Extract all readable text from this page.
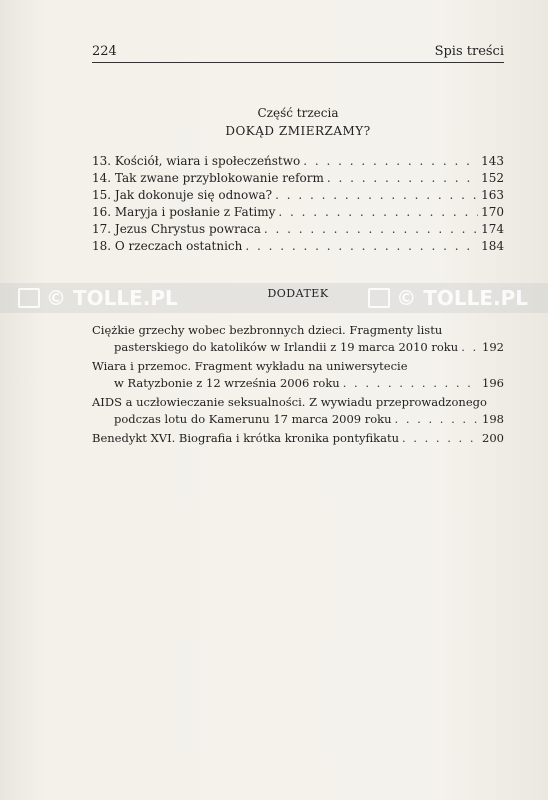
224	Spis treści
Część trzecia
DOKĄD ZMIERZAMY?
13. Kościół, wiara i społeczeństwo . . .	143
14. Tak zwane przyblokowanie reform . . .	152
15. Jak dokonuje się odnowa? . . .	163
16. Maryja i posłanie z Fatimy . . .	170
17. Jezus Chrystus powraca . . .	174
18. O rzeczach ostatnich . . .	184
© TOLLE.PL	© TOLLE.PL
DODATEK
Ciężkie grzechy wobec bezbronnych dzieci. Fragmenty listu
pasterskiego do katolików w Irlandii z 19 marca 2010 roku . . . 192
Wiara i przemoc. Fragment wykładu na uniwersytecie
w Ratyzbonie z 12 września 2006 roku . . .	196
AIDS a uczłowieczanie seksualności. Z wywiadu przeprowadzonego
podczas lotu do Kamerunu 17 marca 2009 roku . . .	198
Benedykt XVI. Biografia i krótka kronika pontyfikatu . . .	200
